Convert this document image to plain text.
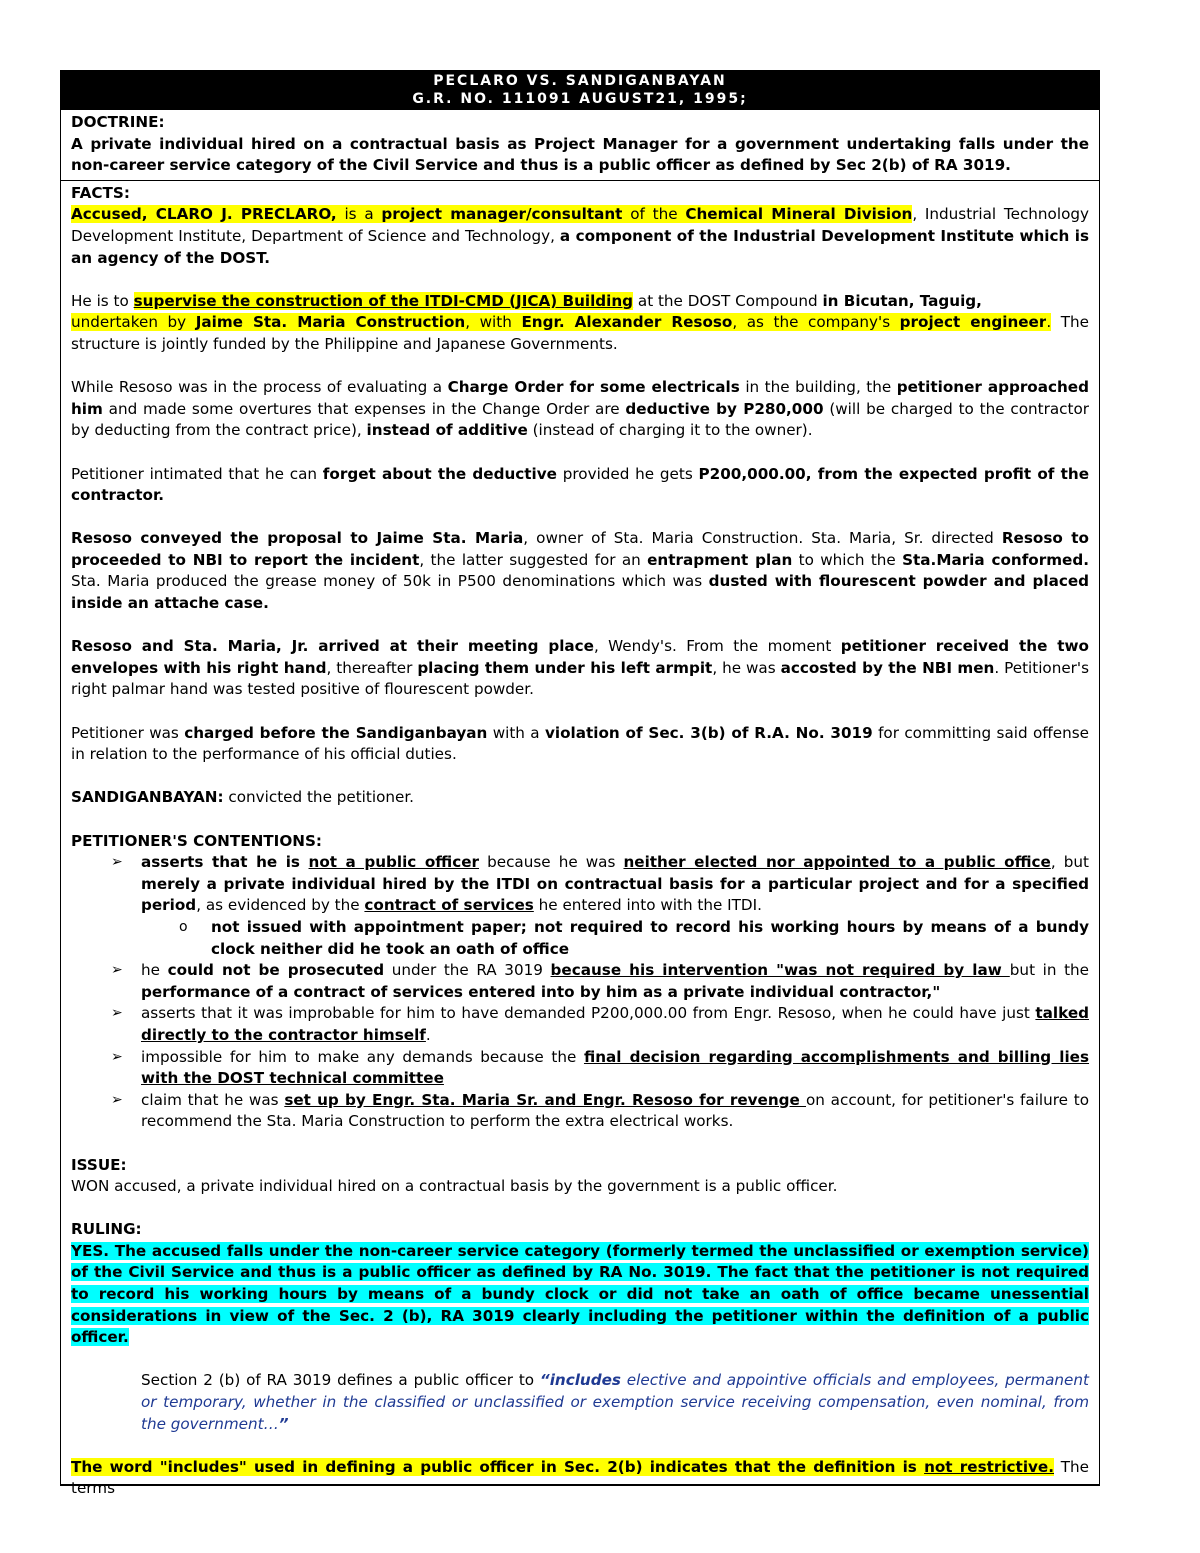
PECLARO VS. SANDIGANBAYAN
G.R. NO. 111091 AUGUST21, 1995;

DOCTRINE:

A private individual hired on a contractual basis as Project Manager for a government undertaking falls under the non-career service category of the Civil Service and thus is a public officer as defined by Sec 2(b) of RA 3019.

FACTS:

Accused, CLARO J. PRECLARO, is a project manager/consultant of the Chemical Mineral Division, Industrial Technology Development Institute, Department of Science and Technology, a component of the Industrial Development Institute which is an agency of the DOST.

He is to supervise the construction of the ITDI-CMD (JICA) Building at the DOST Compound in Bicutan, Taguig,
undertaken by Jaime Sta. Maria Construction, with Engr. Alexander Resoso, as the company's project engineer. The structure is jointly funded by the Philippine and Japanese Governments.

While Resoso was in the process of evaluating a Charge Order for some electricals in the building, the petitioner approached him and made some overtures that expenses in the Change Order are deductive by P280,000 (will be charged to the contractor by deducting from the contract price), instead of additive (instead of charging it to the owner).

Petitioner intimated that he can forget about the deductive provided he gets P200,000.00, from the expected profit of the contractor.

Resoso conveyed the proposal to Jaime Sta. Maria, owner of Sta. Maria Construction. Sta. Maria, Sr. directed Resoso to proceeded to NBI to report the incident, the latter suggested for an entrapment plan to which the Sta.Maria conformed. Sta. Maria produced the grease money of 50k in P500 denominations which was dusted with flourescent powder and placed inside an attache case.

Resoso and Sta. Maria, Jr. arrived at their meeting place, Wendy's. From the moment petitioner received the two envelopes with his right hand, thereafter placing them under his left armpit, he was accosted by the NBI men. Petitioner's right palmar hand was tested positive of flourescent powder.

Petitioner was charged before the Sandiganbayan with a violation of Sec. 3(b) of R.A. No. 3019 for committing said offense in relation to the performance of his official duties.

SANDIGANBAYAN: convicted the petitioner.

PETITIONER'S CONTENTIONS:

➢ asserts that he is not a public officer because he was neither elected nor appointed to a public office, but merely a private individual hired by the ITDI on contractual basis for a particular project and for a specified period, as evidenced by the contract of services he entered into with the ITDI.
o not issued with appointment paper; not required to record his working hours by means of a bundy clock neither did he took an oath of office
➢ he could not be prosecuted under the RA 3019 because his intervention "was not required by law but in the performance of a contract of services entered into by him as a private individual contractor,"
➢ asserts that it was improbable for him to have demanded P200,000.00 from Engr. Resoso, when he could have just talked directly to the contractor himself.
➢ impossible for him to make any demands because the final decision regarding accomplishments and billing lies with the DOST technical committee
➢ claim that he was set up by Engr. Sta. Maria Sr. and Engr. Resoso for revenge on account, for petitioner's failure to recommend the Sta. Maria Construction to perform the extra electrical works.

ISSUE:

WON accused, a private individual hired on a contractual basis by the government is a public officer.

RULING:

YES. The accused falls under the non-career service category (formerly termed the unclassified or exemption service) of the Civil Service and thus is a public officer as defined by RA No. 3019. The fact that the petitioner is not required to record his working hours by means of a bundy clock or did not take an oath of office became unessential considerations in view of the Sec. 2 (b), RA 3019 clearly including the petitioner within the definition of a public officer.

Section 2 (b) of RA 3019 defines a public officer to “includes elective and appointive officials and employees, permanent or temporary, whether in the classified or unclassified or exemption service receiving compensation, even nominal, from the government…”

The word "includes" used in defining a public officer in Sec. 2(b) indicates that the definition is not restrictive. The terms
